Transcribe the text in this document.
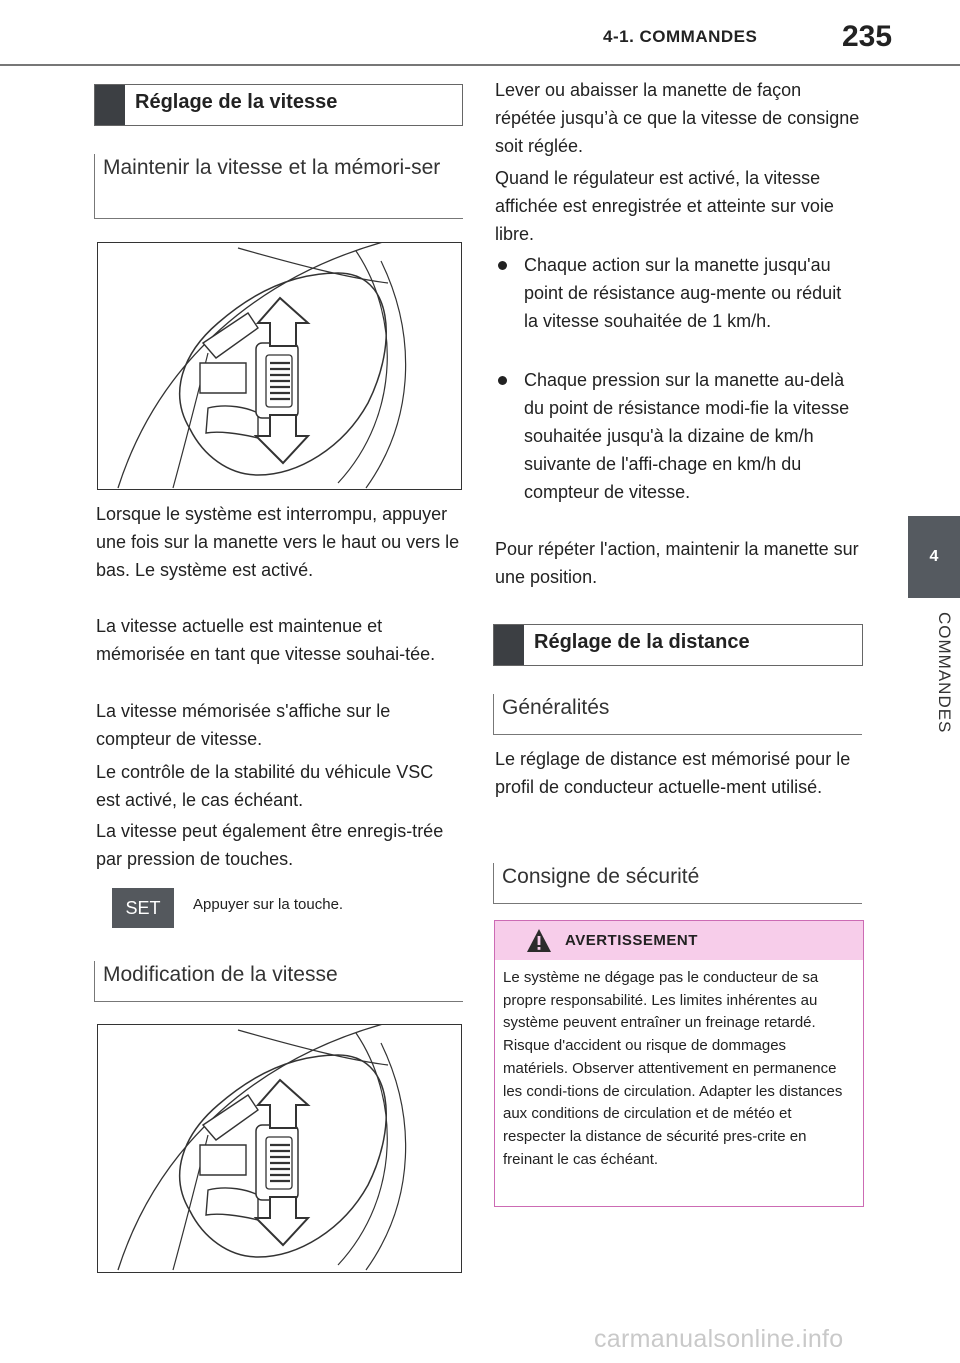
4-1. COMMANDES	235
4
COMMANDES
Réglage de la vitesse
Maintenir la vitesse et la mémori-ser

Lorsque le système est interrompu, appuyer une fois sur la manette vers le haut ou vers le bas. Le système est activé.

La vitesse actuelle est maintenue et mémorisée en tant que vitesse souhai-tée.

La vitesse mémorisée s'affiche sur le compteur de vitesse.

Le contrôle de la stabilité du véhicule VSC est activé, le cas échéant.

La vitesse peut également être enregis-trée par pression de touches.

SET Appuyer sur la touche.
Modification de la vitesse

Lever ou abaisser la manette de façon répétée jusqu’à ce que la vitesse de consigne soit réglée.

Quand le régulateur est activé, la vitesse affichée est enregistrée et atteinte sur voie libre.

Chaque action sur la manette jusqu'au point de résistance aug-mente ou réduit la vitesse souhaitée de 1 km/h.
Chaque pression sur la manette au-delà du point de résistance modi-fie la vitesse souhaitée jusqu'à la dizaine de km/h suivante de l'affi-chage en km/h du compteur de vitesse.

Pour répéter l'action, maintenir la manette sur une position.

Réglage de la distance
Généralités

Le réglage de distance est mémorisé pour le profil de conducteur actuelle-ment utilisé.

Consigne de sécurité
AVERTISSEMENT

Le système ne dégage pas le conducteur de sa propre responsabilité. Les limites inhérentes au système peuvent entraîner un freinage retardé. Risque d'accident ou risque de dommages matériels. Observer attentivement en permanence les condi-tions de circulation. Adapter les distances aux conditions de circulation et de météo et respecter la distance de sécurité pres-crite en freinant le cas échéant.

carmanualsonline.info
